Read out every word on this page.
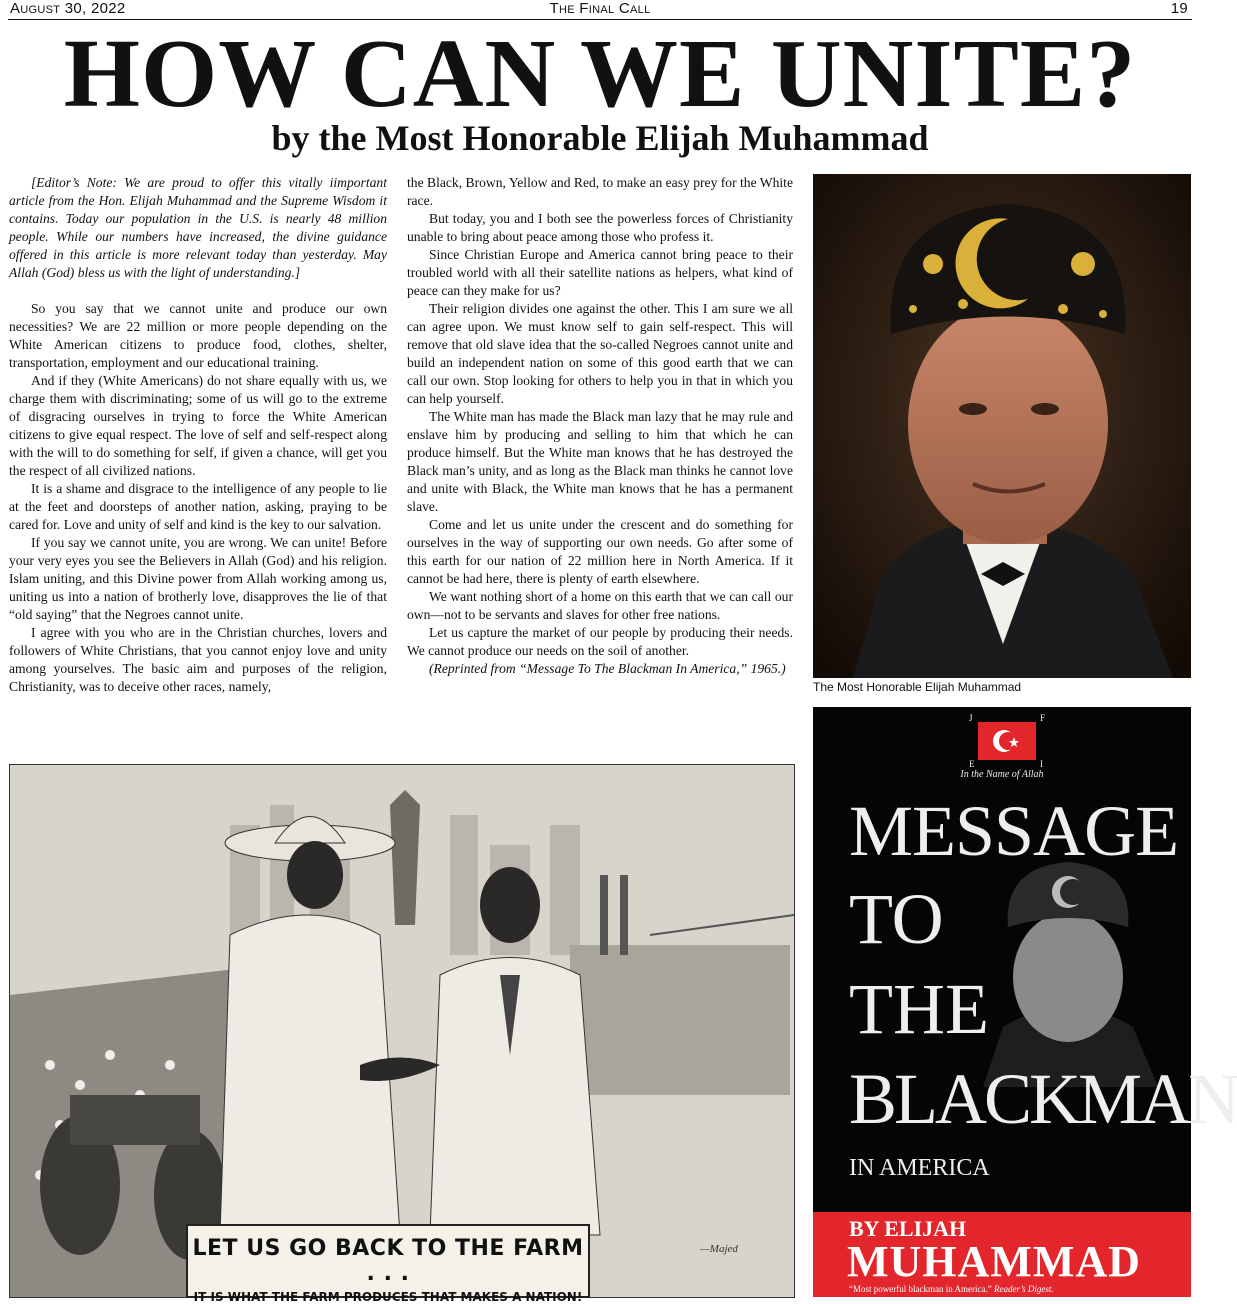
August 30, 2022	The Final Call	19
HOW CAN WE UNITE?
by the Most Honorable Elijah Muhammad

[Editor’s Note: We are proud to offer this vitally iimportant article from the Hon. Elijah Muhammad and the Supreme Wisdom it contains. Today our population in the U.S. is nearly 48 million people. While our numbers have increased, the divine guidance offered in this article is more relevant today than yesterday. May Allah (God) bless us with the light of understanding.]

So you say that we cannot unite and produce our own necessities? We are 22 million or more people depending on the White American citizens to produce food, clothes, shelter, transportation, employment and our educational training.

And if they (White Americans) do not share equally with us, we charge them with discriminating; some of us will go to the extreme of disgracing ourselves in trying to force the White American citizens to give equal respect. The love of self and self-respect along with the will to do something for self, if given a chance, will get you the respect of all civilized nations.

It is a shame and disgrace to the intelligence of any people to lie at the feet and doorsteps of another nation, asking, praying to be cared for. Love and unity of self and kind is the key to our salvation.

If you say we cannot unite, you are wrong. We can unite! Before your very eyes you see the Believers in Allah (God) and his religion. Islam uniting, and this Divine power from Allah working among us, uniting us into a nation of brotherly love, disapproves the lie of that “old saying” that the Negroes cannot unite.

I agree with you who are in the Christian churches, lovers and followers of White Christians, that you cannot enjoy love and unity among yourselves. The basic aim and purposes of the religion, Christianity, was to deceive other races, namely,

the Black, Brown, Yellow and Red, to make an easy prey for the White race.

But today, you and I both see the powerless forces of Christianity unable to bring about peace among those who profess it.

Since Christian Europe and America cannot bring peace to their troubled world with all their satellite nations as helpers, what kind of peace can they make for us?

Their religion divides one against the other. This I am sure we all can agree upon. We must know self to gain self-respect. This will remove that old slave idea that the so-called Negroes cannot unite and build an independent nation on some of this good earth that we can call our own. Stop looking for others to help you in that in which you can help yourself.

The White man has made the Black man lazy that he may rule and enslave him by producing and selling to him that which he can produce himself. But the White man knows that he has destroyed the Black man’s unity, and as long as the Black man thinks he cannot love and unite with Black, the White man knows that he has a permanent slave.

Come and let us unite under the crescent and do something for ourselves in the way of supporting our own needs. Go after some of this earth for our nation of 22 million here in North America. If it cannot be had here, there is plenty of earth elsewhere.

We want nothing short of a home on this earth that we can call our own—not to be servants and slaves for other free nations.

Let us capture the market of our people by producing their needs. We cannot produce our needs on the soil of another.

(Reprinted from “Message To The Blackman In America,” 1965.)

The Most Honorable Elijah Muhammad
J	F
E	I
In the Name of Allah
MESSAGE
TO
THE
BLACKMAN
IN AMERICA
BY ELIJAH
MUHAMMAD
“Most powerful blackman in America.” Reader’s Digest.
LET US GO BACK TO THE FARM . . .
IT IS WHAT THE FARM PRODUCES THAT MAKES A NATION!
—Majed
